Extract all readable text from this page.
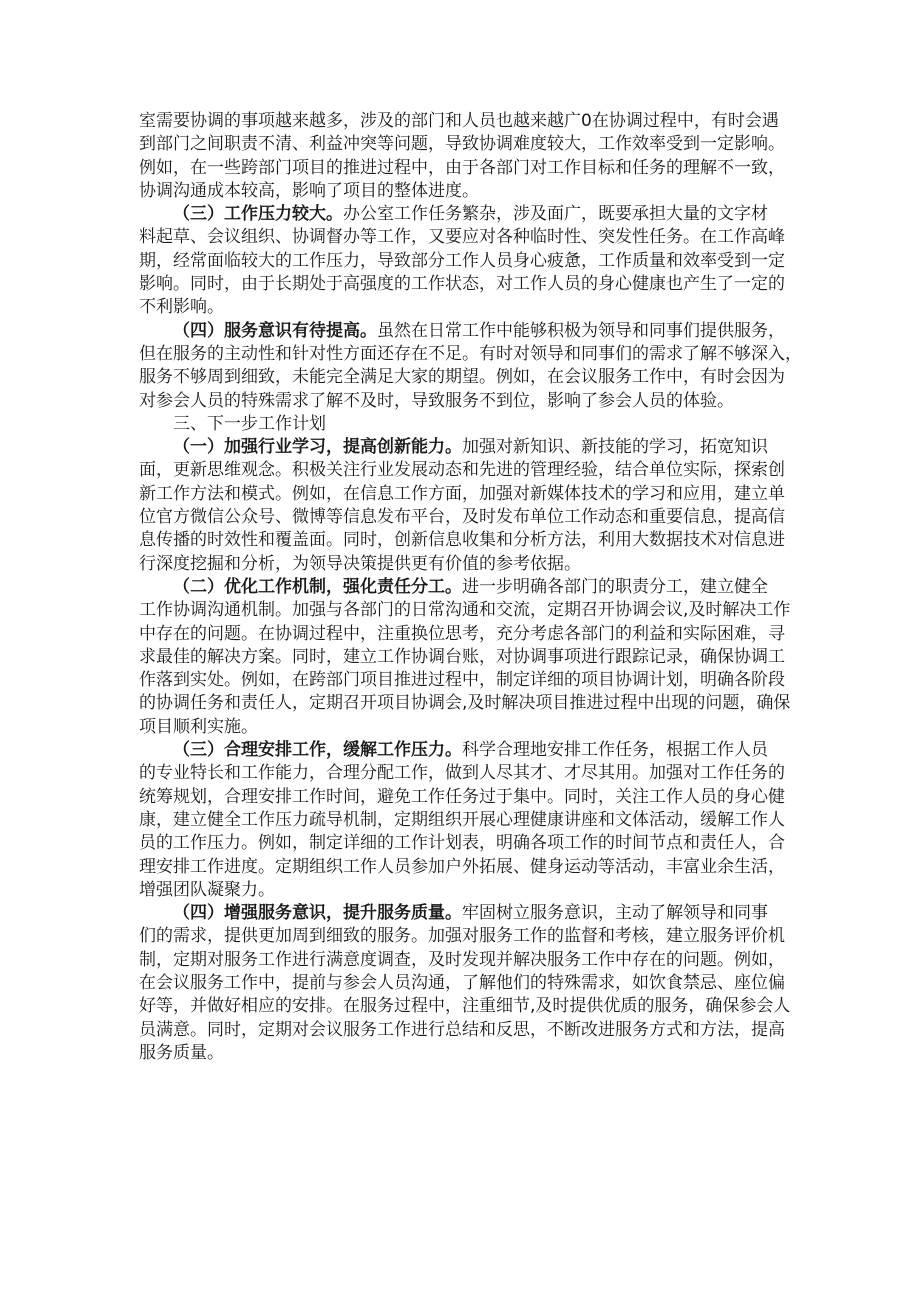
室需要协调的事项越来越多，涉及的部门和人员也越来越广0在协调过程中，有时会遇
到部门之间职责不清、利益冲突等问题，导致协调难度较大，工作效率受到一定影响。
例如，在一些跨部门项目的推进过程中，由于各部门对工作目标和任务的理解不一致，
协调沟通成本较高，影响了项目的整体进度。
（三）工作压力较大。办公室工作任务繁杂，涉及面广，既要承担大量的文字材
料起草、会议组织、协调督办等工作，又要应对各种临时性、突发性任务。在工作高峰
期，经常面临较大的工作压力，导致部分工作人员身心疲惫，工作质量和效率受到一定
影响。同时，由于长期处于高强度的工作状态，对工作人员的身心健康也产生了一定的
不利影响。
（四）服务意识有待提高。虽然在日常工作中能够积极为领导和同事们提供服务，
但在服务的主动性和针对性方面还存在不足。有时对领导和同事们的需求了解不够深入，
服务不够周到细致，未能完全满足大家的期望。例如，在会议服务工作中，有时会因为
对参会人员的特殊需求了解不及时，导致服务不到位，影响了参会人员的体验。
三、下一步工作计划
（一）加强行业学习，提高创新能力。加强对新知识、新技能的学习，拓宽知识
面，更新思维观念。积极关注行业发展动态和先进的管理经验，结合单位实际，探索创
新工作方法和模式。例如，在信息工作方面，加强对新媒体技术的学习和应用，建立单
位官方微信公众号、微博等信息发布平台，及时发布单位工作动态和重要信息，提高信
息传播的时效性和覆盖面。同时，创新信息收集和分析方法，利用大数据技术对信息进
行深度挖掘和分析，为领导决策提供更有价值的参考依据。
（二）优化工作机制，强化责任分工。进一步明确各部门的职责分工，建立健全
工作协调沟通机制。加强与各部门的日常沟通和交流，定期召开协调会议,及时解决工作
中存在的问题。在协调过程中，注重换位思考，充分考虑各部门的利益和实际困难，寻
求最佳的解决方案。同时，建立工作协调台账，对协调事项进行跟踪记录，确保协调工
作落到实处。例如，在跨部门项目推进过程中，制定详细的项目协调计划，明确各阶段
的协调任务和责任人，定期召开项目协调会,及时解决项目推进过程中出现的问题，确保
项目顺利实施。
（三）合理安排工作，缓解工作压力。科学合理地安排工作任务，根据工作人员
的专业特长和工作能力，合理分配工作，做到人尽其才、才尽其用。加强对工作任务的
统筹规划，合理安排工作时间，避免工作任务过于集中。同时，关注工作人员的身心健
康，建立健全工作压力疏导机制，定期组织开展心理健康讲座和文体活动，缓解工作人
员的工作压力。例如，制定详细的工作计划表，明确各项工作的时间节点和责任人，合
理安排工作进度。定期组织工作人员参加户外拓展、健身运动等活动，丰富业余生活，
增强团队凝聚力。
（四）增强服务意识，提升服务质量。牢固树立服务意识，主动了解领导和同事
们的需求，提供更加周到细致的服务。加强对服务工作的监督和考核，建立服务评价机
制，定期对服务工作进行满意度调查，及时发现并解决服务工作中存在的问题。例如，
在会议服务工作中，提前与参会人员沟通，了解他们的特殊需求，如饮食禁忌、座位偏
好等，并做好相应的安排。在服务过程中，注重细节,及时提供优质的服务，确保参会人
员满意。同时，定期对会议服务工作进行总结和反思，不断改进服务方式和方法，提高
服务质量。
